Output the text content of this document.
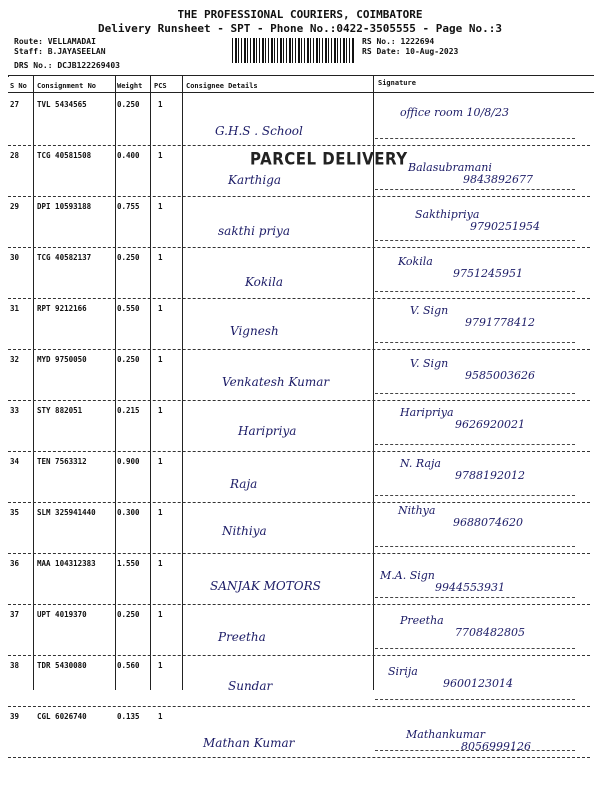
THE PROFESSIONAL COURIERS, COIMBATORE
Delivery Runsheet - SPT - Phone No.:0422-3505555 - Page No.:3
Route: VELLAMADAI
Staff: B.JAYASEELAN
DRS No.: DCJB122269403
RS No.: 1222694
RS Date: 10-Aug-2023
S No Consignment No	Weight PCS	Consignee Details	Signature
27 TVL 5434565	0.250 1
G.H.S . School
office room 10/8/23
28 TCG 40581508	0.400 1
Karthiga
Balasubramani
9843892677
29 DPI 10593188	0.755 1
sakthi priya
Sakthipriya
9790251954
30 TCG 40582137	0.250 1
Kokila
Kokila
9751245951
31 RPT 9212166	0.550 1
Vignesh
V. Sign
9791778412
32 MYD 9750050	0.250 1
Venkatesh Kumar
V. Sign
9585003626
33 STY 882051	0.215 1
Haripriya
Haripriya
9626920021
34 TEN 7563312	0.900 1
Raja
N. Raja
9788192012
35 SLM 325941440	0.300 1
Nithiya
Nithya
9688074620
36 MAA 104312383	1.550 1
SANJAK MOTORS
M.A. Sign
9944553931
37 UPT 4019370	0.250 1
Preetha
Preetha
7708482805
38 TDR 5430080	0.560 1
Sundar
Sirija
9600123014
39 CGL 6026740	0.135 1
Mathan Kumar
Mathankumar
8056999126
PARCEL DELIVERY
